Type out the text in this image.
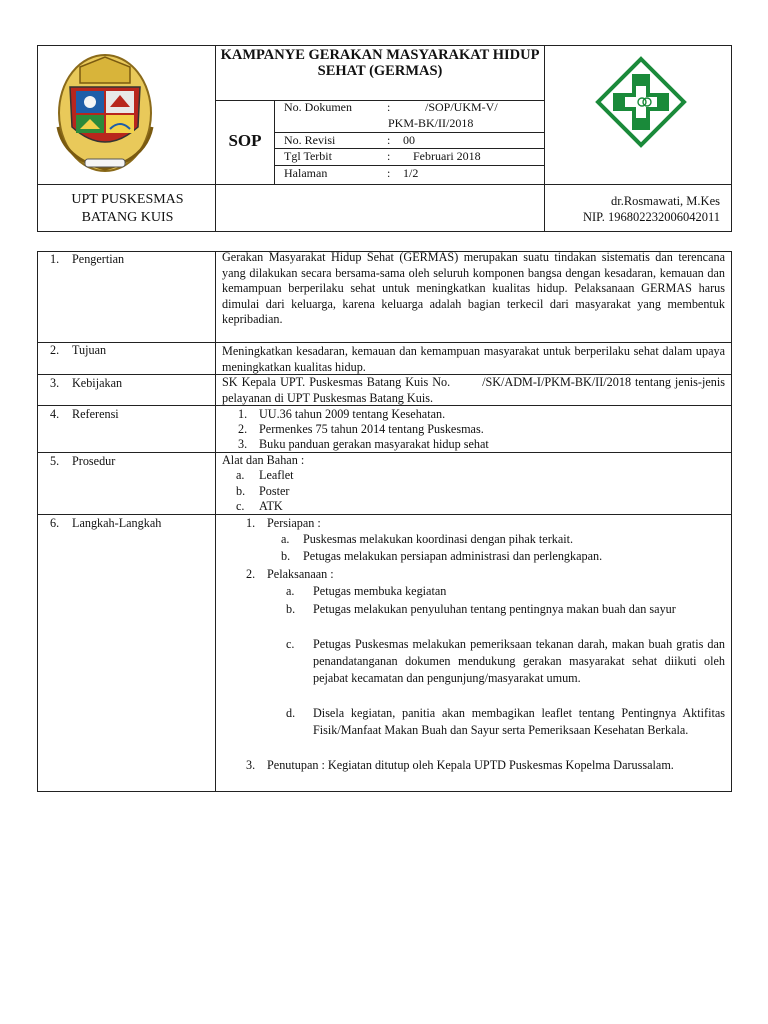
KAMPANYE GERAKAN MASYARAKAT HIDUP SEHAT (GERMAS)
SOP
No. Dokumen	:	/SOP/UKM-V/
PKM-BK/II/2018
No. Revisi	: 00
Tgl Terbit	: Februari 2018
Halaman	: 1/2
UPT PUSKESMAS
BATANG KUIS
dr.Rosmawati, M.Kes
NIP. 196802232006042011
1. Pengertian	Gerakan Masyarakat Hidup Sehat (GERMAS) merupakan suatu tindakan sistematis dan terencana yang dilakukan secara bersama-sama oleh seluruh komponen bangsa dengan kesadaran, kemauan dan kemampuan berperilaku sehat untuk meningkatkan kualitas hidup. Pelaksanaan GERMAS harus dimulai dari keluarga, karena keluarga adalah bagian terkecil dari masyarakat yang membentuk kepribadian.
2. Tujuan	Meningkatkan kesadaran, kemauan dan kemampuan masyarakat untuk berperilaku sehat dalam upaya meningkatkan kualitas hidup.
3. Kebijakan	SK Kepala UPT. Puskesmas Batang Kuis No.        /SK/ADM-I/PKM-BK/II/2018 tentang jenis-jenis pelayanan di UPT Puskesmas Batang Kuis.
4. Referensi	1. UU.36 tahun 2009 tentang Kesehatan.
2. Permenkes 75 tahun 2014 tentang Puskesmas.
3. Buku panduan gerakan masyarakat hidup sehat
5. Prosedur	Alat dan Bahan :
a. Leaflet
b. Poster
c. ATK
6. Langkah-Langkah	1. Persiapan :
a. Puskesmas melakukan koordinasi dengan pihak terkait.
b. Petugas melakukan persiapan administrasi dan perlengkapan.
2. Pelaksanaan :
a. Petugas membuka kegiatan
b. Petugas melakukan penyuluhan tentang pentingnya makan buah dan sayur
c. Petugas Puskesmas melakukan pemeriksaan tekanan darah, makan buah gratis dan penandatanganan dokumen mendukung gerakan masyarakat sehat diikuti oleh pejabat kecamatan dan pengunjung/masyarakat umum.
d. Disela kegiatan, panitia akan membagikan leaflet tentang Pentingnya Aktifitas Fisik/Manfaat Makan Buah dan Sayur serta Pemeriksaan Kesehatan Berkala.
3. Penutupan : Kegiatan ditutup oleh Kepala UPTD Puskesmas Kopelma Darussalam.
